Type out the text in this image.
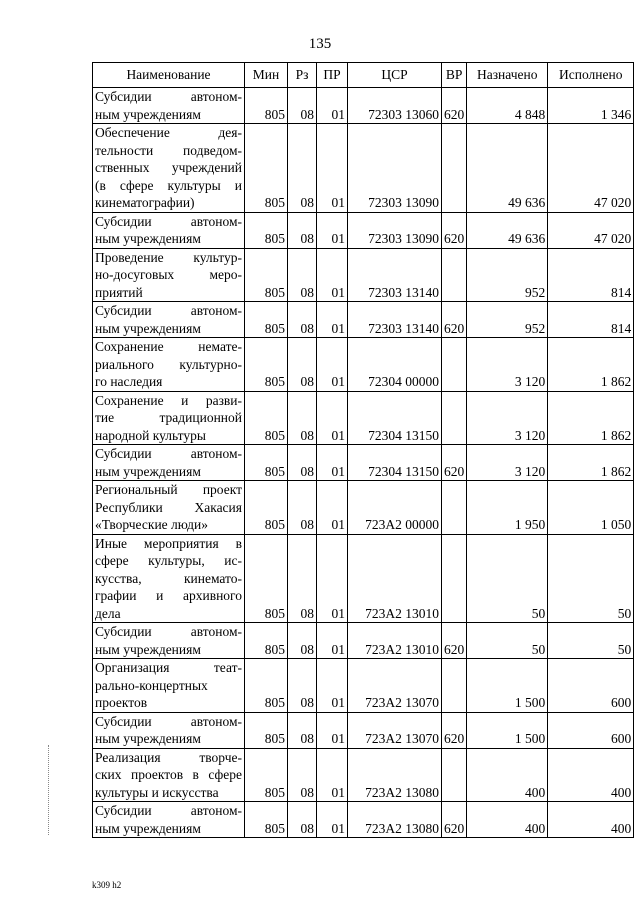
135
Наименование	Мин	Рз	ПР	ЦСР	ВР	Назначено	Исполнено

Субсидии автоном-
ным учреждениям	805	08	01	72303 13060	620	4 848	1 346

Обеспечение дея-
тельности подведом-
ственных учреждений
(в сфере культуры и
кинематографии)	805	08	01	72303 13090		49 636	47 020

Субсидии автоном-
ным учреждениям	805	08	01	72303 13090	620	49 636	47 020

Проведение культур-
но-досуговых меро-
приятий	805	08	01	72303 13140		952	814

Субсидии автоном-
ным учреждениям	805	08	01	72303 13140	620	952	814

Сохранение немате-
риального культурно-
го наследия	805	08	01	72304 00000		3 120	1 862

Сохранение и разви-
тие традиционной
народной культуры	805	08	01	72304 13150		3 120	1 862

Субсидии автоном-
ным учреждениям	805	08	01	72304 13150	620	3 120	1 862

Региональный проект
Республики Хакасия
«Творческие люди»	805	08	01	723А2 00000		1 950	1 050

Иные мероприятия в
сфере культуры, ис-
кусства, кинемато-
графии и архивного
дела	805	08	01	723А2 13010		50	50

Субсидии автоном-
ным учреждениям	805	08	01	723А2 13010	620	50	50

Организация теат-
рально-концертных
проектов	805	08	01	723А2 13070		1 500	600

Субсидии автоном-
ным учреждениям	805	08	01	723А2 13070	620	1 500	600

Реализация творче-
ских проектов в сфере
культуры и искусства	805	08	01	723А2 13080		400	400

Субсидии автоном-
ным учреждениям	805	08	01	723А2 13080	620	400	400
k309 h2
